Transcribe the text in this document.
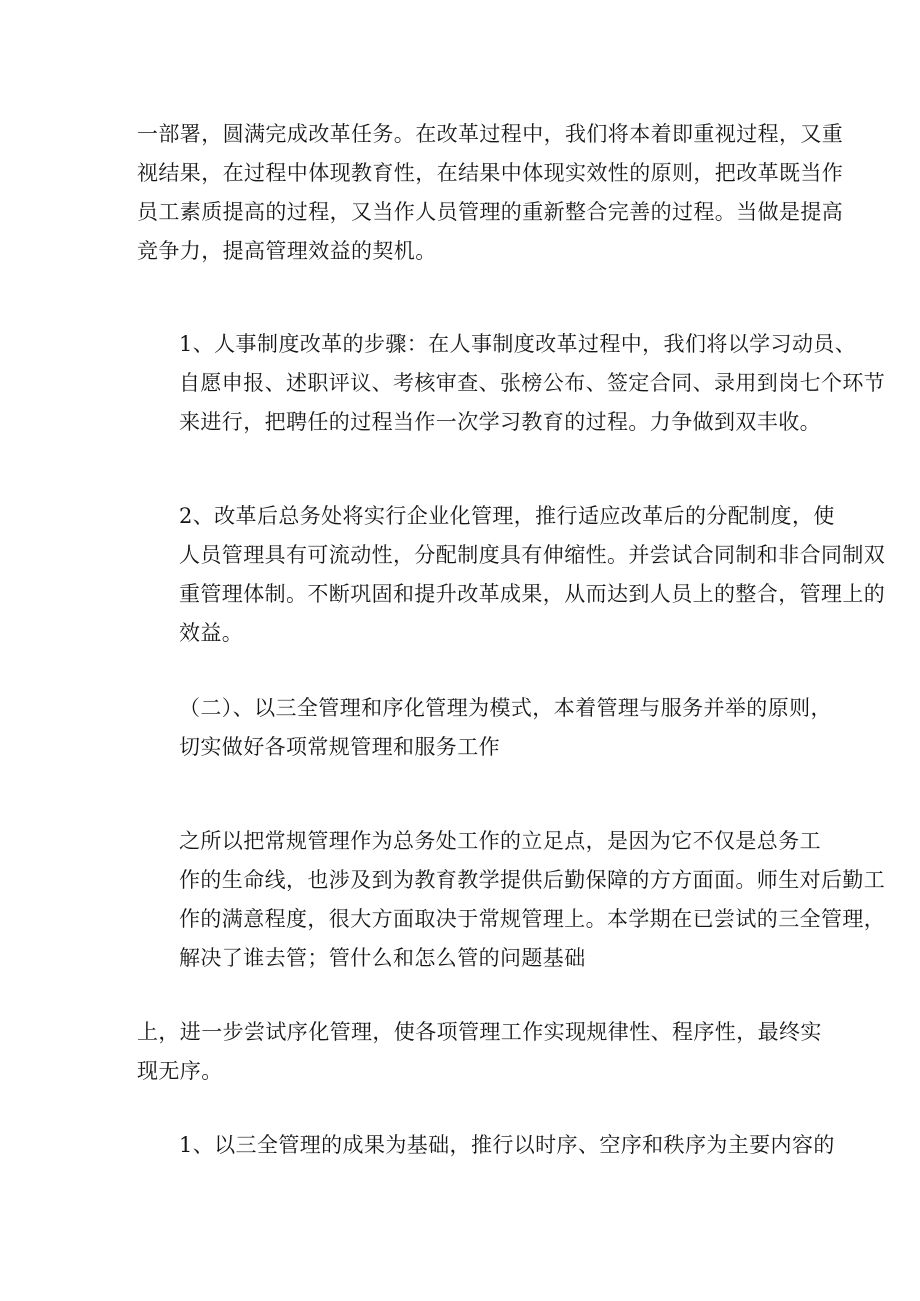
一部署，圆满完成改革任务。在改革过程中，我们将本着即重视过程，又重
视结果，在过程中体现教育性，在结果中体现实效性的原则，把改革既当作
员工素质提高的过程，又当作人员管理的重新整合完善的过程。当做是提高
竞争力，提高管理效益的契机。
1、人事制度改革的步骤：在人事制度改革过程中，我们将以学习动员、
自愿申报、述职评议、考核审查、张榜公布、签定合同、录用到岗七个环节
来进行，把聘任的过程当作一次学习教育的过程。力争做到双丰收。
2、改革后总务处将实行企业化管理，推行适应改革后的分配制度，使
人员管理具有可流动性，分配制度具有伸缩性。并尝试合同制和非合同制双
重管理体制。不断巩固和提升改革成果，从而达到人员上的整合，管理上的
效益。
（二）、以三全管理和序化管理为模式，本着管理与服务并举的原则，
切实做好各项常规管理和服务工作
之所以把常规管理作为总务处工作的立足点，是因为它不仅是总务工
作的生命线，也涉及到为教育教学提供后勤保障的方方面面。师生对后勤工
作的满意程度，很大方面取决于常规管理上。本学期在已尝试的三全管理，
解决了谁去管；管什么和怎么管的问题基础
上，进一步尝试序化管理，使各项管理工作实现规律性、程序性，最终实
现无序。
1、以三全管理的成果为基础，推行以时序、空序和秩序为主要内容的
